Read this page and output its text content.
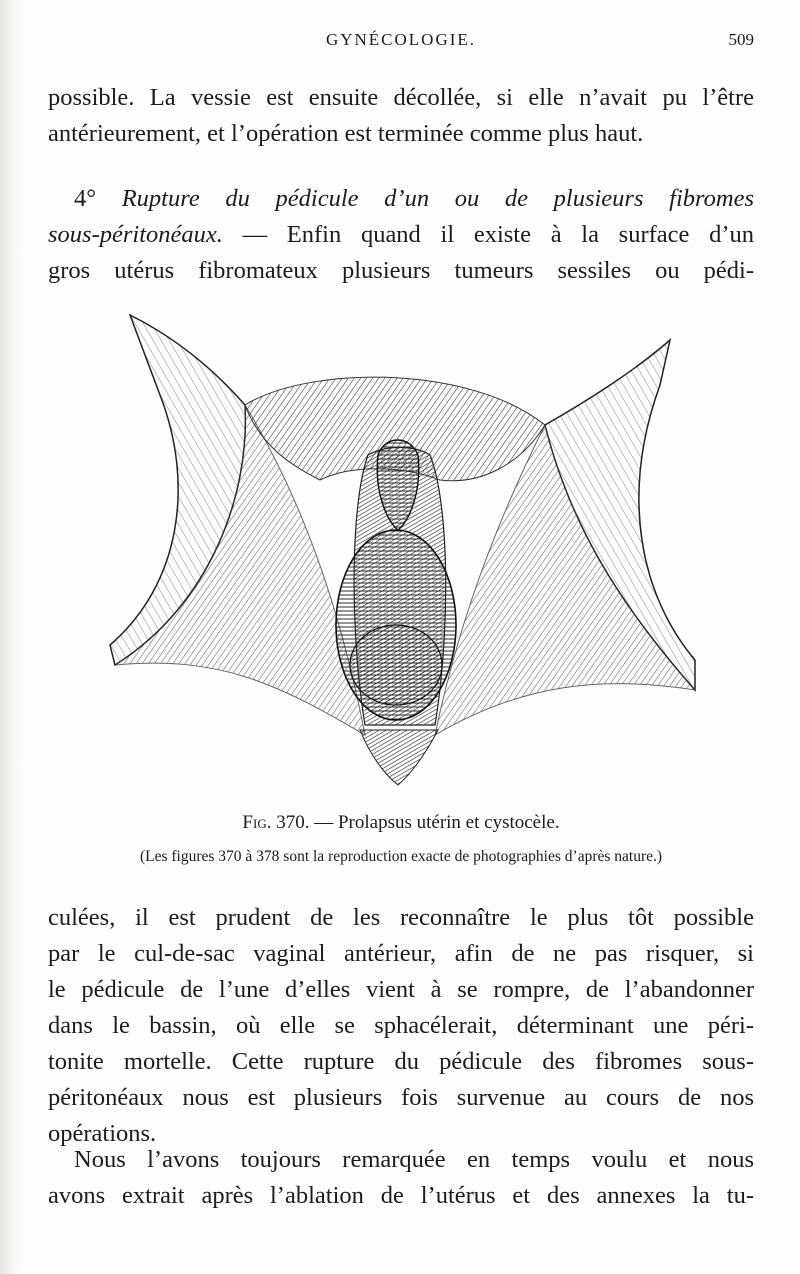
GYNÉCOLOGIE.	509
possible. La vessie est ensuite décollée, si elle n’avait pu l’être
antérieurement, et l’opération est terminée comme plus haut.
4° Rupture du pédicule d’un ou de plusieurs fibromes
sous-péritonéaux. — Enfin quand il existe à la surface d’un
gros utérus fibromateux plusieurs tumeurs sessiles ou pédi-
Fig. 370. — Prolapsus utérin et cystocèle.
(Les figures 370 à 378 sont la reproduction exacte de photographies d’après nature.)
culées, il est prudent de les reconnaître le plus tôt possible
par le cul-de-sac vaginal antérieur, afin de ne pas risquer, si
le pédicule de l’une d’elles vient à se rompre, de l’abandonner
dans le bassin, où elle se sphacélerait, déterminant une péri-
tonite mortelle. Cette rupture du pédicule des fibromes sous-
péritonéaux nous est plusieurs fois survenue au cours de nos
opérations.
Nous l’avons toujours remarquée en temps voulu et nous
avons extrait après l’ablation de l’utérus et des annexes la tu-
